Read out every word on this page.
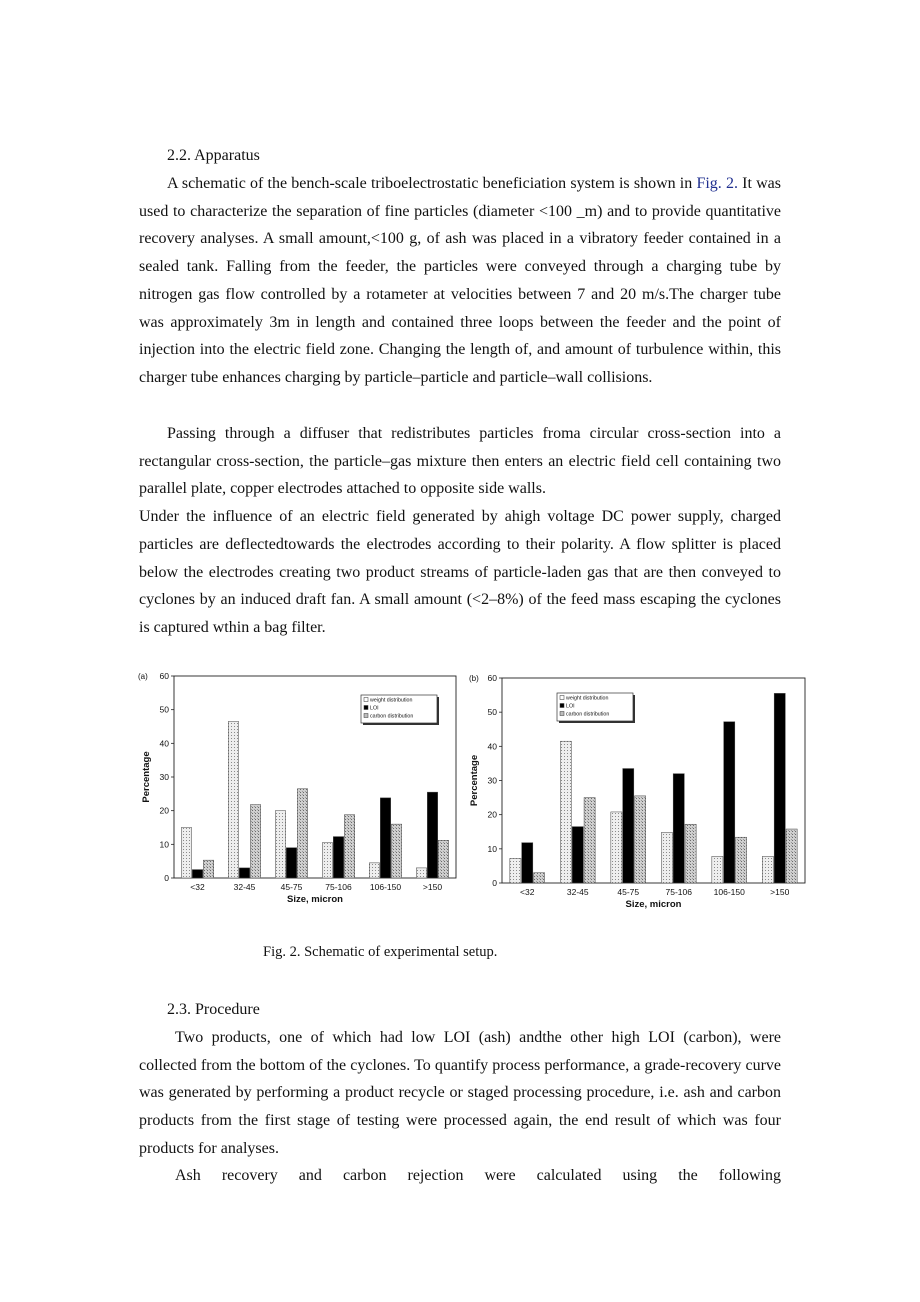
2.2. Apparatus

A schematic of the bench-scale triboelectrostatic beneficiation system is shown in Fig. 2. It was used to characterize the separation of fine particles (diameter <100 _m) and to provide quantitative recovery analyses. A small amount,<100 g, of ash was placed in a vibratory feeder contained in a sealed tank. Falling from the feeder, the particles were conveyed through a charging tube by nitrogen gas flow controlled by a rotameter at velocities between 7 and 20 m/s.The charger tube was approximately 3m in length and contained three loops between the feeder and the point of injection into the electric field zone. Changing the length of, and amount of turbulence within, this charger tube enhances charging by particle–particle and particle–wall collisions.

Passing through a diffuser that redistributes particles froma circular cross-section into a rectangular cross-section, the particle–gas mixture then enters an electric field cell containing two parallel plate, copper electrodes attached to opposite side walls.
Under the influence of an electric field generated by ahigh voltage DC power supply, charged particles are deflectedtowards the electrodes according to their polarity. A flow splitter is placed below the electrodes creating two product streams of particle-laden gas that are then conveyed to cyclones by an induced draft fan. A small amount (<2–8%) of the feed mass escaping the cyclones is captured wthin a bag filter.

(a)
0
10
20
30
40
50
60
Percentage
<32	32-45	45-75	75-106 106-150	>150
Size, micron
weight distribution
LOI
carbon distribution
(b)
0
10
20
30
40
50
60
Percentage
<32	32-45	45-75	75-106	106-150	>150
Size, micron
weight distribution
LOI
carbon distribution
Fig. 2. Schematic of experimental setup.
2.3. Procedure

Two products, one of which had low LOI (ash) andthe other high LOI (carbon), were collected from the bottom of the cyclones. To quantify process performance, a grade-recovery curve was generated by performing a product recycle or staged processing procedure, i.e. ash and carbon products from the first stage of testing were processed again, the end result of which was four products for analyses.

Ash recovery and carbon rejection were calculated using the following
